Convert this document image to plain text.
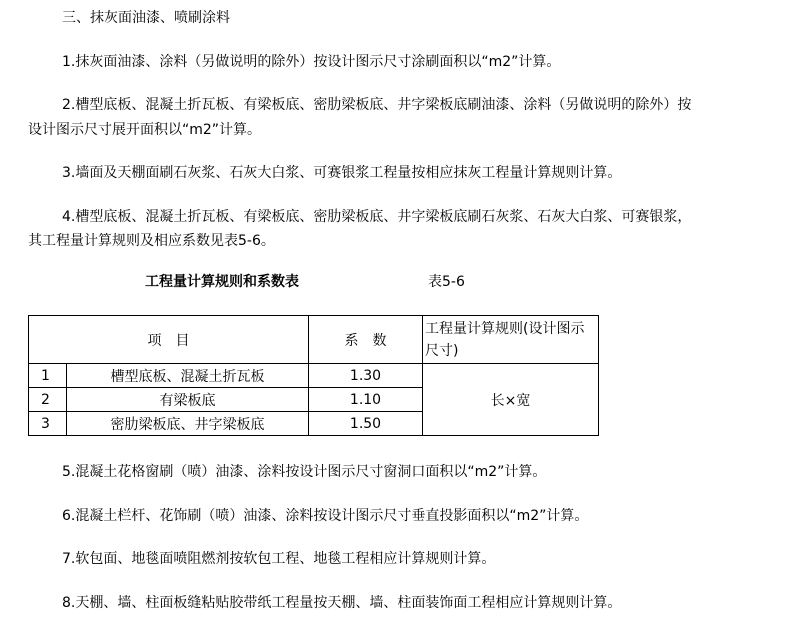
三、抹灰面油漆、喷刷涂料
1.抹灰面油漆、涂料（另做说明的除外）按设计图示尺寸涂刷面积以“m2”计算。
2.槽型底板、混凝土折瓦板、有梁板底、密肋梁板底、井字梁板底刷油漆、涂料（另做说明的除外）按
设计图示尺寸展开面积以“m2”计算。
3.墙面及天棚面刷石灰浆、石灰大白浆、可赛银浆工程量按相应抹灰工程量计算规则计算。
4.槽型底板、混凝土折瓦板、有梁板底、密肋梁板底、井字梁板底刷石灰浆、石灰大白浆、可赛银浆，
其工程量计算规则及相应系数见表5-6。
工程量计算规则和系数表	表5-6
项　目		系　数	工程量计算规则(设计图示尺寸)
1	槽型底板、混凝土折瓦板	1.30	长×宽
2	有梁板底	1.10	
3	密肋梁板底、井字梁板底	1.50	
5.混凝土花格窗刷（喷）油漆、涂料按设计图示尺寸窗洞口面积以“m2”计算。
6.混凝土栏杆、花饰刷（喷）油漆、涂料按设计图示尺寸垂直投影面积以“m2”计算。
7.软包面、地毯面喷阻燃剂按软包工程、地毯工程相应计算规则计算。
8.天棚、墙、柱面板缝粘贴胶带纸工程量按天棚、墙、柱面装饰面工程相应计算规则计算。
